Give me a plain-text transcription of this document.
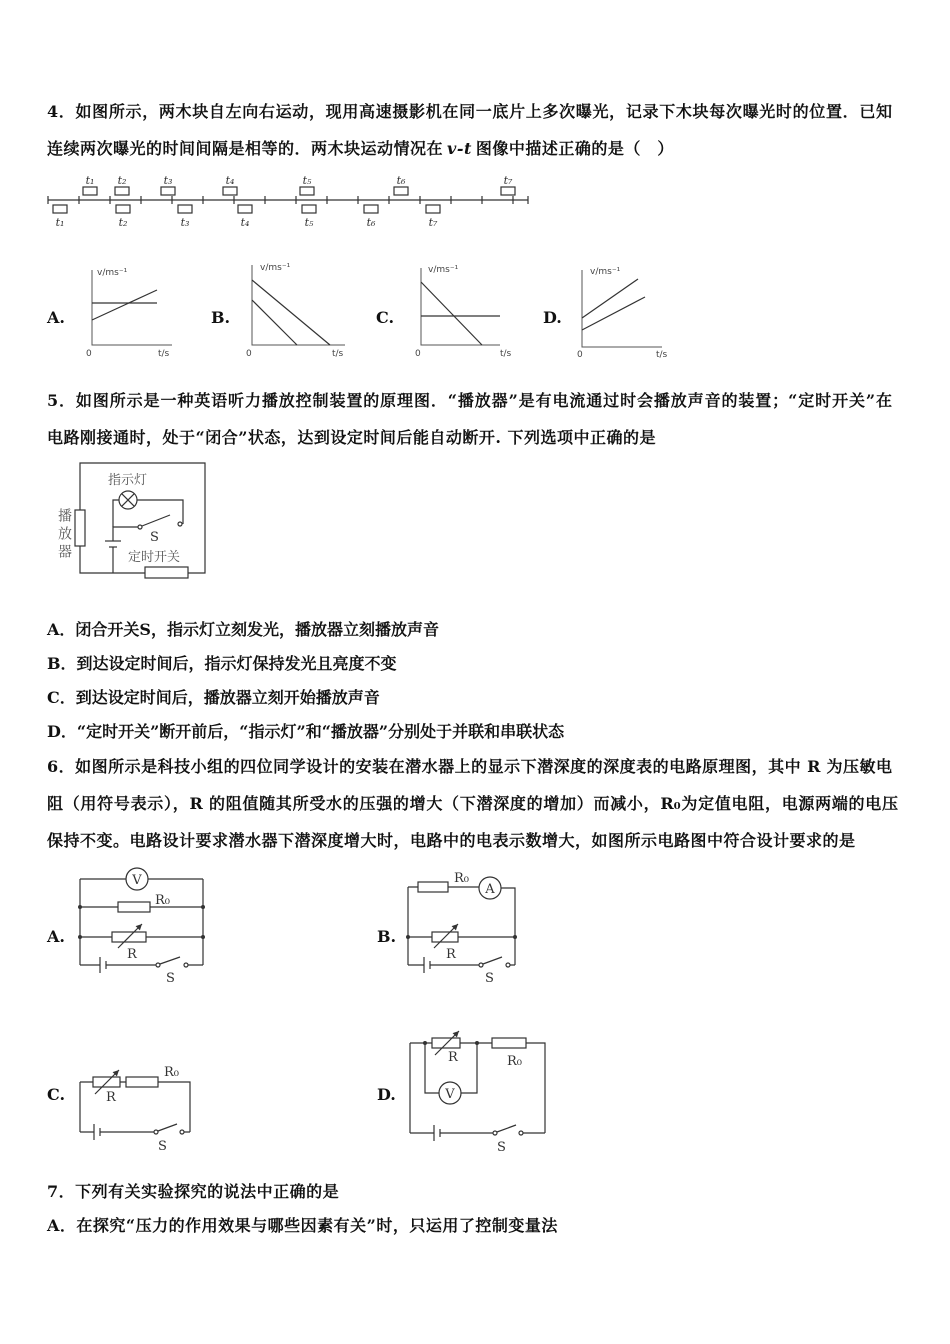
4．如图所示，两木块自左向右运动，现用高速摄影机在同一底片上多次曝光，记录下木块每次曝光时的位置．已知
连续两次曝光的时间间隔是相等的．两木块运动情况在 v-t 图像中描述正确的是（　）
t₁ t₂	t₃	t₄	t₅	t₆	t₇
t₁	t₂	t₃	t₄	t₅	t₆	t₇
A.	B.	C.	D.
v/ms⁻¹
0	t/s
v/ms⁻¹
0	t/s
v/ms⁻¹
0	t/s
v/ms⁻¹
0	t/s
5．如图所示是一种英语听力播放控制装置的原理图．“播放器”是有电流通过时会播放声音的装置；“定时开关”在
电路刚接通时，处于“闭合”状态，达到设定时间后能自动断开. 下列选项中正确的是
指示灯
S
定时开关
播放器
A．闭合开关S，指示灯立刻发光，播放器立刻播放声音
B．到达设定时间后，指示灯保持发光且亮度不变
C．到达设定时间后，播放器立刻开始播放声音
D．“定时开关”断开前后，“指示灯”和“播放器”分别处于并联和串联状态
6．如图所示是科技小组的四位同学设计的安装在潜水器上的显示下潜深度的深度表的电路原理图，其中 R 为压敏电
阻（用符号表示），R 的阻值随其所受水的压强的增大（下潜深度的增加）而减小，R₀为定值电阻，电源两端的电压
保持不变。电路设计要求潜水器下潜深度增大时，电路中的电表示数增大，如图所示电路图中符合设计要求的是
A.	B.
C.	D.
V
R₀
R
S
R₀
A
R
S
R
R₀
S
R	R₀
V
S
7．下列有关实验探究的说法中正确的是
A．在探究“压力的作用效果与哪些因素有关”时，只运用了控制变量法
